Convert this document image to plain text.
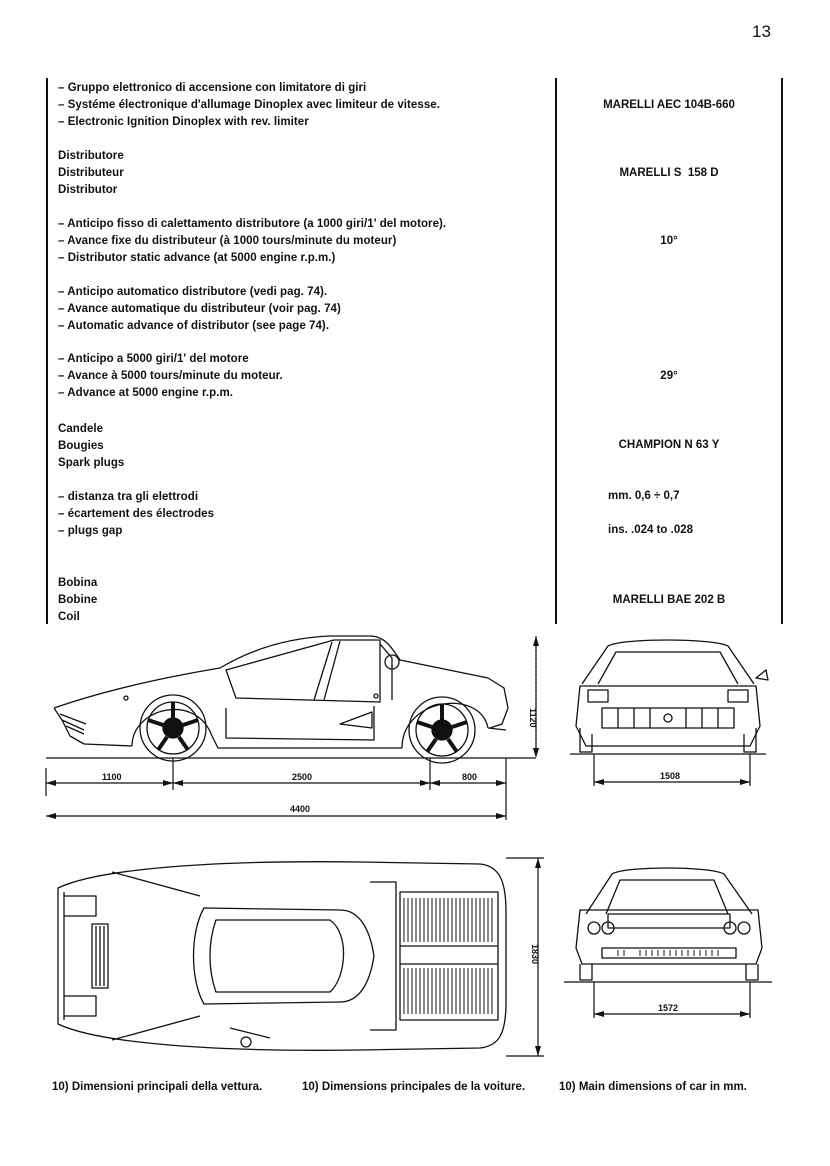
13
– Gruppo elettronico di accensione con limitatore di giri
– Systéme électronique d'allumage Dinoplex avec limiteur de vitesse.
– Electronic Ignition Dinoplex with rev. limiter
MARELLI AEC 104B-660
Distributore
Distributeur
Distributor
MARELLI S  158 D
– Anticipo fisso di calettamento distributore (a 1000 giri/1' del motore).
– Avance fixe du distributeur (à 1000 tours/minute du moteur)
– Distributor static advance (at 5000 engine r.p.m.)
10°
– Anticipo automatico distributore (vedi pag. 74).
– Avance automatique du distributeur (voir pag. 74)
– Automatic advance of distributor (see page 74).
– Anticipo a 5000 giri/1' del motore
– Avance à 5000 tours/minute du moteur.
– Advance at 5000 engine r.p.m.
29°
Candele
Bougies
Spark plugs
CHAMPION N 63 Y
– distanza tra gli elettrodi
– écartement des électrodes
– plugs gap
mm. 0,6 ÷ 0,7
ins. .024 to .028
Bobina
Bobine
Coil
MARELLI BAE 202 B
1100	2500	800
4400
1120
1508
1830
1572
10) Dimensioni principali della vettura.	10) Dimensions principales de la voiture.	10) Main dimensions of car in mm.
